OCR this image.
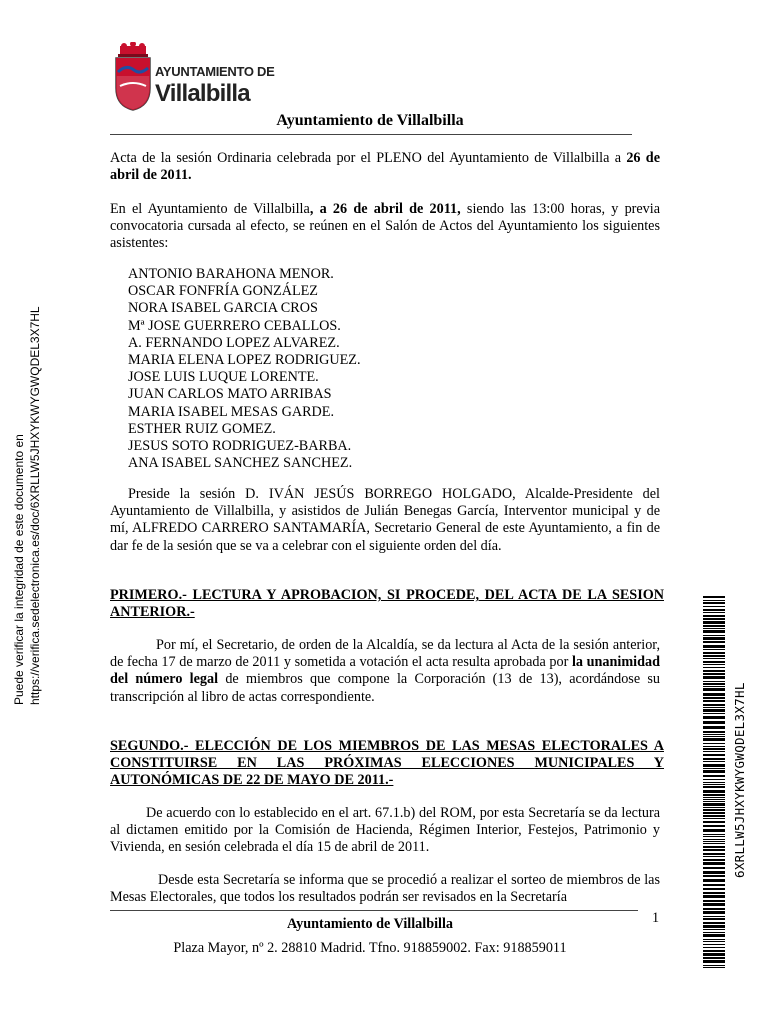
AYUNTAMIENTO DE
Villalbilla
Ayuntamiento de Villalbilla
Acta de la sesión Ordinaria celebrada por el PLENO del Ayuntamiento de Villalbilla a 26 de abril de 2011.
En el Ayuntamiento de Villalbilla, a 26 de abril de 2011, siendo las 13:00 horas, y previa convocatoria cursada al efecto, se reúnen en el Salón de Actos del Ayuntamiento los siguientes asistentes:
ANTONIO BARAHONA MENOR.
OSCAR FONFRÍA GONZÁLEZ
NORA ISABEL GARCIA CROS
Mª JOSE GUERRERO CEBALLOS.
A. FERNANDO LOPEZ ALVAREZ.
MARIA ELENA LOPEZ RODRIGUEZ.
JOSE LUIS LUQUE LORENTE.
JUAN CARLOS MATO ARRIBAS
MARIA ISABEL MESAS GARDE.
ESTHER RUIZ GOMEZ.
JESUS SOTO RODRIGUEZ-BARBA.
ANA ISABEL SANCHEZ SANCHEZ.
Preside la sesión D. IVÁN JESÚS BORREGO HOLGADO, Alcalde-Presidente del Ayuntamiento de Villalbilla, y asistidos de Julián Benegas García, Interventor municipal y de mí, ALFREDO CARRERO SANTAMARÍA, Secretario General de este Ayuntamiento, a fin de dar fe de la sesión que se va a celebrar con el siguiente orden del día.
PRIMERO.- LECTURA Y APROBACION, SI PROCEDE, DEL ACTA DE LA SESION ANTERIOR.-
Por mí, el Secretario, de orden de la Alcaldía, se da lectura al Acta de la sesión anterior, de fecha 17 de marzo de 2011 y sometida a votación el acta resulta aprobada por la unanimidad del número legal de miembros que compone la Corporación (13 de 13), acordándose su transcripción al libro de actas correspondiente.
SEGUNDO.- ELECCIÓN DE LOS MIEMBROS DE LAS MESAS ELECTORALES A CONSTITUIRSE EN LAS PRÓXIMAS ELECCIONES MUNICIPALES Y AUTONÓMICAS DE 22 DE MAYO DE 2011.-
De acuerdo con lo establecido en el art. 67.1.b) del ROM, por esta Secretaría se da lectura al dictamen emitido por la Comisión de Hacienda, Régimen Interior, Festejos, Patrimonio y Vivienda, en sesión celebrada el día 15 de abril de 2011.
Desde esta Secretaría se informa que se procedió a realizar el sorteo de miembros de las Mesas Electorales, que todos los resultados podrán ser revisados en la Secretaría
1
Ayuntamiento de Villalbilla
Plaza Mayor, nº 2. 28810 Madrid. Tfno. 918859002. Fax: 918859011
Puede verificar la integridad de este documento en https://verifica.sedelectronica.es/doc/6XRLLW5JHXYKWYGWQDEL3X7HL
6XRLLW5JHXYKWYGWQDEL3X7HL
